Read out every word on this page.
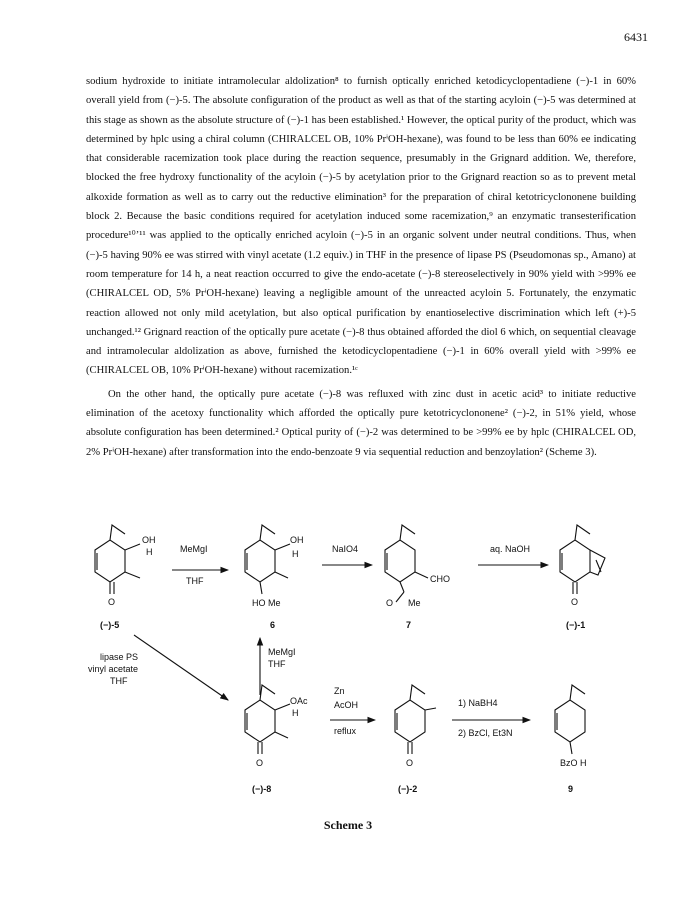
6431

sodium hydroxide to initiate intramolecular aldolization⁸ to furnish optically enriched ketodicyclopentadiene (−)-1 in 60% overall yield from (−)-5. The absolute configuration of the product as well as that of the starting acyloin (−)-5 was determined at this stage as shown as the absolute structure of (−)-1 has been established.¹ However, the optical purity of the product, which was determined by hplc using a chiral column (CHIRALCEL OB, 10% PrⁱOH-hexane), was found to be less than 60% ee indicating that considerable racemization took place during the reaction sequence, presumably in the Grignard addition. We, therefore, blocked the free hydroxy functionality of the acyloin (−)-5 by acetylation prior to the Grignard reaction so as to prevent metal alkoxide formation as well as to carry out the reductive elimination³ for the preparation of chiral ketotricyclononene building block 2. Because the basic conditions required for acetylation induced some racemization,⁹ an enzymatic transesterification procedure¹⁰ʼ¹¹ was applied to the optically enriched acyloin (−)-5 in an organic solvent under neutral conditions. Thus, when (−)-5 having 90% ee was stirred with vinyl acetate (1.2 equiv.) in THF in the presence of lipase PS (Pseudomonas sp., Amano) at room temperature for 14 h, a neat reaction occurred to give the endo-acetate (−)-8 stereoselectively in 90% yield with >99% ee (CHIRALCEL OD, 5% PrⁱOH-hexane) leaving a negligible amount of the unreacted acyloin 5. Fortunately, the enzymatic reaction allowed not only mild acetylation, but also optical purification by enantioselective discrimination which left (+)-5 unchanged.¹² Grignard reaction of the optically pure acetate (−)-8 thus obtained afforded the diol 6 which, on sequential cleavage and intramolecular aldolization as above, furnished the ketodicyclopentadiene (−)-1 in 60% overall yield with >99% ee (CHIRALCEL OB, 10% PrⁱOH-hexane) without racemization.¹ᶜ

On the other hand, the optically pure acetate (−)-8 was refluxed with zinc dust in acetic acid³ to initiate reductive elimination of the acetoxy functionality which afforded the optically pure ketotricyclononene² (−)-2, in 51% yield, whose absolute configuration has been determined.² Optical purity of (−)-2 was determined to be >99% ee by hplc (CHIRALCEL OD, 2% PrⁱOH-hexane) after transformation into the endo-benzoate 9 via sequential reduction and benzoylation² (Scheme 3).

OH
H
O
(−)-5
MeMgI
THF
OH
H
HO Me
6
NaIO4
CHO
O Me
7
aq. NaOH
O
(−)-1
lipase PS
vinyl acetate
THF
MeMgI
THF
OAc
H
O
(−)-8
Zn
AcOH
reflux
O
(−)-2
1) NaBH4
2) BzCl, Et3N
BzO H
9
Scheme 3
